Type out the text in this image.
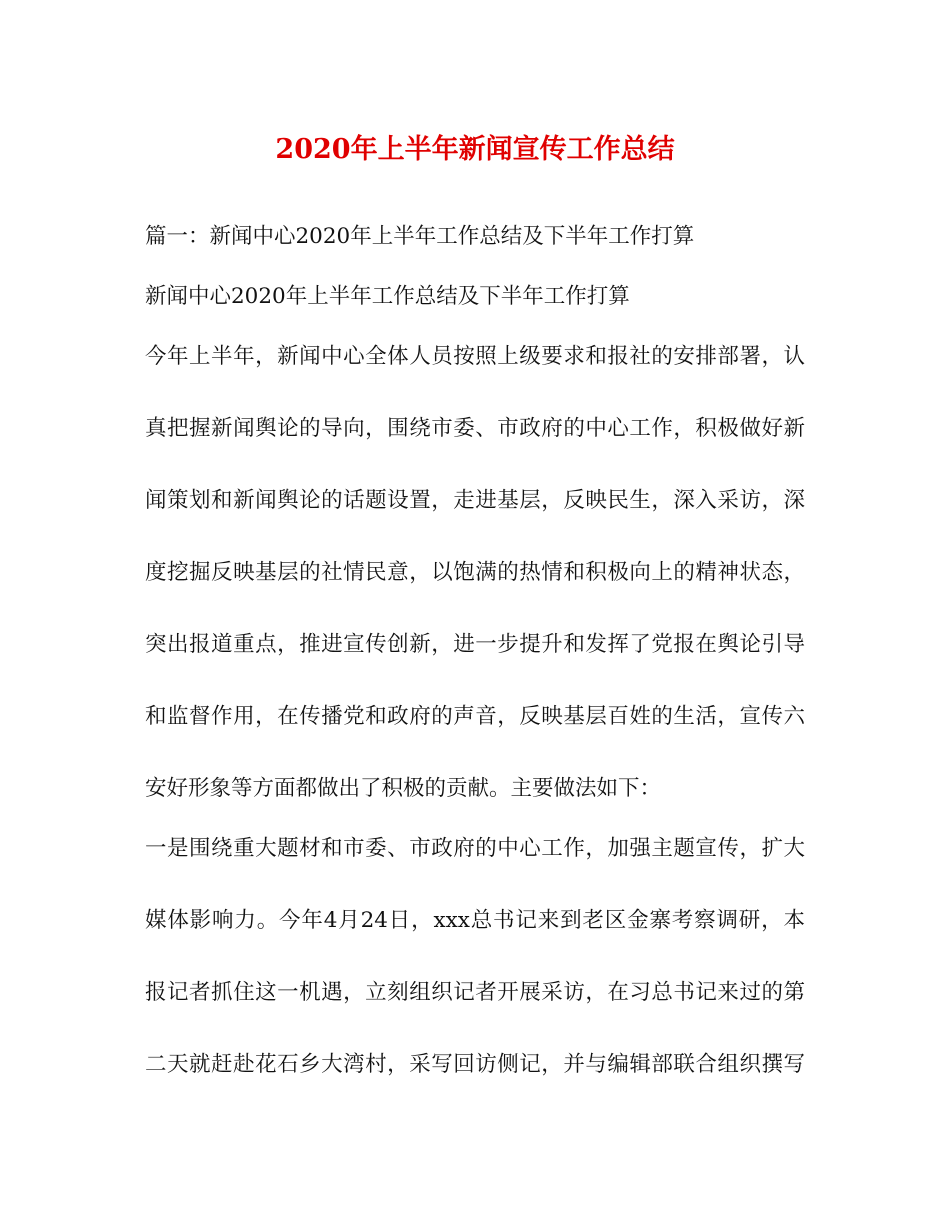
2020年上半年新闻宣传工作总结
篇一：新闻中心2020年上半年工作总结及下半年工作打算
新闻中心2020年上半年工作总结及下半年工作打算
今年上半年，新闻中心全体人员按照上级要求和报社的安排部署，认
真把握新闻舆论的导向，围绕市委、市政府的中心工作，积极做好新
闻策划和新闻舆论的话题设置，走进基层，反映民生，深入采访，深
度挖掘反映基层的社情民意，以饱满的热情和积极向上的精神状态，
突出报道重点，推进宣传创新，进一步提升和发挥了党报在舆论引导
和监督作用，在传播党和政府的声音，反映基层百姓的生活，宣传六
安好形象等方面都做出了积极的贡献。主要做法如下：
一是围绕重大题材和市委、市政府的中心工作，加强主题宣传，扩大
媒体影响力。今年4月24日，xxx总书记来到老区金寨考察调研，本
报记者抓住这一机遇，立刻组织记者开展采访，在习总书记来过的第
二天就赶赴花石乡大湾村，采写回访侧记，并与编辑部联合组织撰写
